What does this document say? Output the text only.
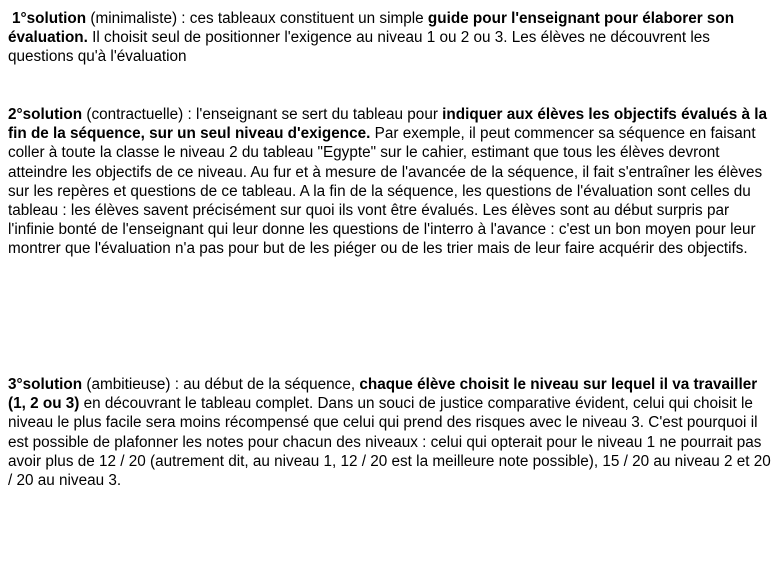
1°solution (minimaliste) : ces tableaux constituent un simple guide pour l'enseignant pour élaborer son évaluation. Il choisit seul de positionner l'exigence au niveau 1 ou 2 ou 3. Les élèves ne découvrent les questions qu'à l'évaluation

2°solution (contractuelle) : l'enseignant se sert du tableau pour indiquer aux élèves les objectifs évalués à la fin de la séquence, sur un seul niveau d'exigence. Par exemple, il peut commencer sa séquence en faisant coller à toute la classe le niveau 2 du tableau "Egypte" sur le cahier, estimant que tous les élèves devront atteindre les objectifs de ce niveau. Au fur et à mesure de l'avancée de la séquence, il fait s'entraîner les élèves sur les repères et questions de ce tableau. A la fin de la séquence, les questions de l'évaluation sont celles du tableau : les élèves savent précisément sur quoi ils vont être évalués. Les élèves sont au début surpris par l'infinie bonté de l'enseignant qui leur donne les questions de l'interro à l'avance : c'est un bon moyen pour leur montrer que l'évaluation n'a pas pour but de les piéger ou de les trier mais de leur faire acquérir des objectifs.

3°solution (ambitieuse) : au début de la séquence, chaque élève choisit le niveau sur lequel il va travailler (1, 2 ou 3) en découvrant le tableau complet. Dans un souci de justice comparative évident, celui qui choisit le niveau le plus facile sera moins récompensé que celui qui prend des risques avec le niveau 3. C'est pourquoi il est possible de plafonner les notes pour chacun des niveaux : celui qui opterait pour le niveau 1 ne pourrait pas avoir plus de 12 / 20 (autrement dit, au niveau 1, 12 / 20 est la meilleure note possible), 15 / 20 au niveau 2 et 20 / 20 au niveau 3.
